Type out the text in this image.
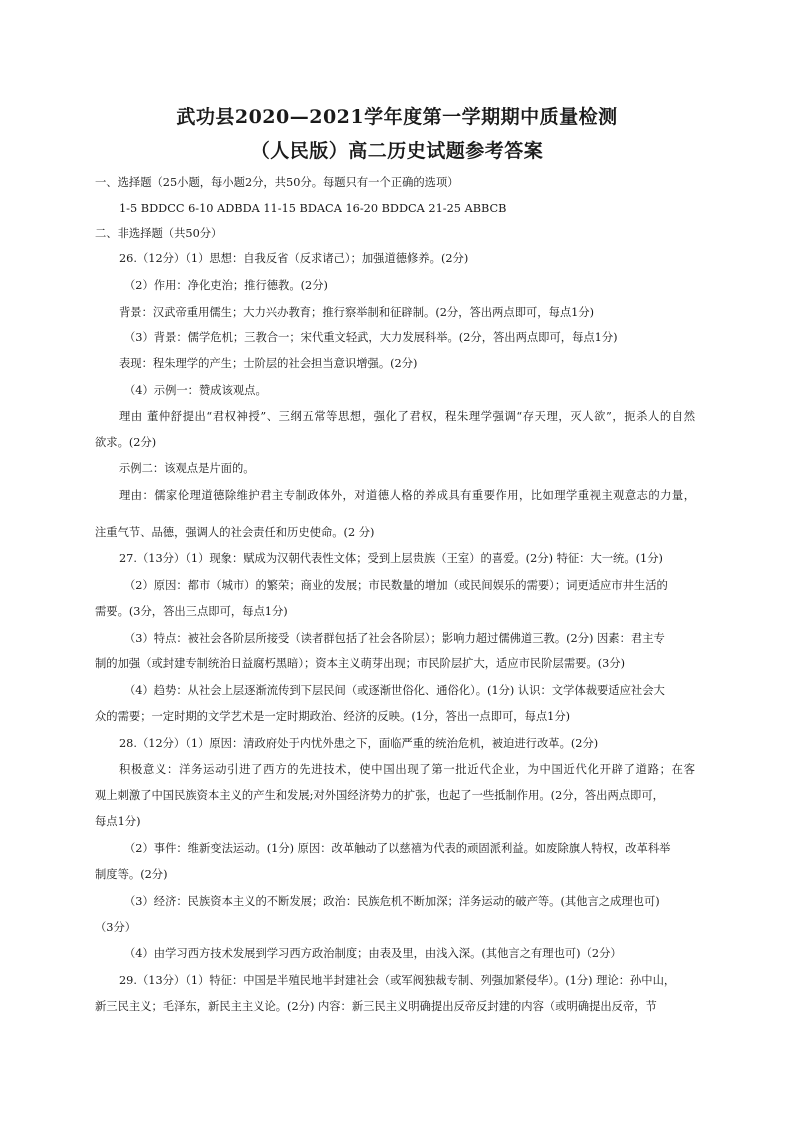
武功县2020—2021学年度第一学期期中质量检测
（人民版）高二历史试题参考答案
一、选择题（25小题，每小题2分，共50分。每题只有一个正确的选项）
1-5 BDDCC 6-10 ADBDA 11-15 BDACA 16-20 BDDCA 21-25 ABBCB
二、非选择题（共50分）
26.（12分）（1）思想：自我反省（反求诸己）；加强道德修养。(2分)
（2）作用：净化吏治；推行德教。(2分)
背景：汉武帝重用儒生；大力兴办教育；推行察举制和征辟制。(2分，答出两点即可，每点1分)
（3）背景：儒学危机；三教合一；宋代重文轻武，大力发展科举。(2分，答出两点即可，每点1分)
表现：程朱理学的产生；士阶层的社会担当意识增强。(2分)
（4）示例一：赞成该观点。
理由 董仲舒提出“君权神授”、三纲五常等思想，强化了君权，程朱理学强调“存天理，灭人欲”，扼杀人的自然
欲求。(2分)
示例二：该观点是片面的。
理由：儒家伦理道德除维护君主专制政体外，对道德人格的养成具有重要作用，比如理学重视主观意志的力量，
注重气节、品德，强调人的社会责任和历史使命。(2 分)
27.（13分）（1）现象：赋成为汉朝代表性文体；受到上层贵族（王室）的喜爱。(2分) 特征：大一统。(1分)
（2）原因：都市（城市）的繁荣；商业的发展；市民数量的增加（或民间娱乐的需要）；词更适应市井生活的
需要。(3分，答出三点即可，每点1分)
（3）特点：被社会各阶层所接受（读者群包括了社会各阶层）；影响力超过儒佛道三教。(2分) 因素：君主专
制的加强（或封建专制统治日益腐朽黑暗）；资本主义萌芽出现；市民阶层扩大，适应市民阶层需要。(3分)
（4）趋势：从社会上层逐渐流传到下层民间（或逐渐世俗化、通俗化）。(1分) 认识：文学体裁要适应社会大
众的需要；一定时期的文学艺术是一定时期政治、经济的反映。(1分，答出一点即可，每点1分)
28.（12分）（1）原因：清政府处于内忧外患之下，面临严重的统治危机，被迫进行改革。(2分)
积极意义：洋务运动引进了西方的先进技术，使中国出现了第一批近代企业，为中国近代化开辟了道路；在客
观上刺激了中国民族资本主义的产生和发展;对外国经济势力的扩张，也起了一些抵制作用。(2分，答出两点即可，
每点1分)
（2）事件：维新变法运动。(1分) 原因：改革触动了以慈禧为代表的顽固派利益。如废除旗人特权，改革科举
制度等。(2分)
（3）经济：民族资本主义的不断发展；政治：民族危机不断加深；洋务运动的破产等。(其他言之成理也可)
（3分）
（4）由学习西方技术发展到学习西方政治制度；由表及里，由浅入深。(其他言之有理也可)（2分）
29.（13分）（1）特征：中国是半殖民地半封建社会（或军阀独裁专制、列强加紧侵华）。(1分) 理论：孙中山，
新三民主义；毛泽东，新民主主义论。(2分) 内容：新三民主义明确提出反帝反封建的内容（或明确提出反帝，节
